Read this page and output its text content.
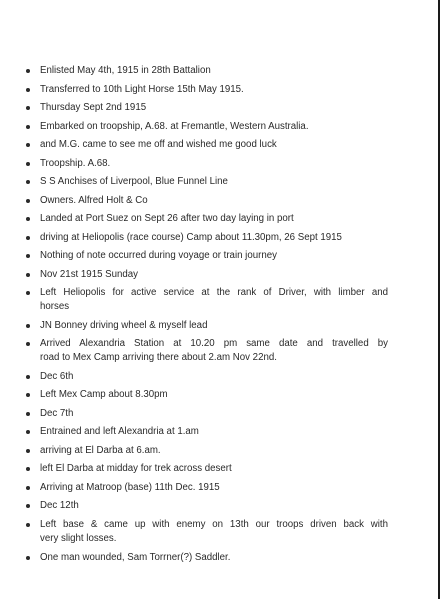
Enlisted May 4th, 1915 in 28th Battalion
Transferred to 10th Light Horse 15th May 1915.
Thursday Sept 2nd 1915
Embarked on troopship, A.68. at Fremantle, Western Australia.
and M.G. came to see me off and wished me good luck
Troopship. A.68.
S S Anchises of Liverpool, Blue Funnel Line
Owners. Alfred Holt & Co
Landed at Port Suez on Sept 26 after two day laying in port
driving at Heliopolis (race course) Camp about 11.30pm, 26 Sept 1915
Nothing of note occurred during voyage or train journey
Nov 21st 1915 Sunday
Left Heliopolis for active service at the rank of Driver, with limber and
horses
JN Bonney driving wheel & myself lead
Arrived Alexandria Station at 10.20 pm same date and travelled by
road to Mex Camp arriving there about 2.am Nov 22nd.
Dec 6th
Left Mex Camp about 8.30pm
Dec 7th
Entrained and left Alexandria at 1.am
arriving at El Darba at 6.am.
left El Darba at midday for trek across desert
Arriving at Matroop (base) 11th Dec. 1915
Dec 12th
Left base & came up with enemy on 13th our troops driven back with
very slight losses.
One man wounded, Sam Torrner(?) Saddler.
